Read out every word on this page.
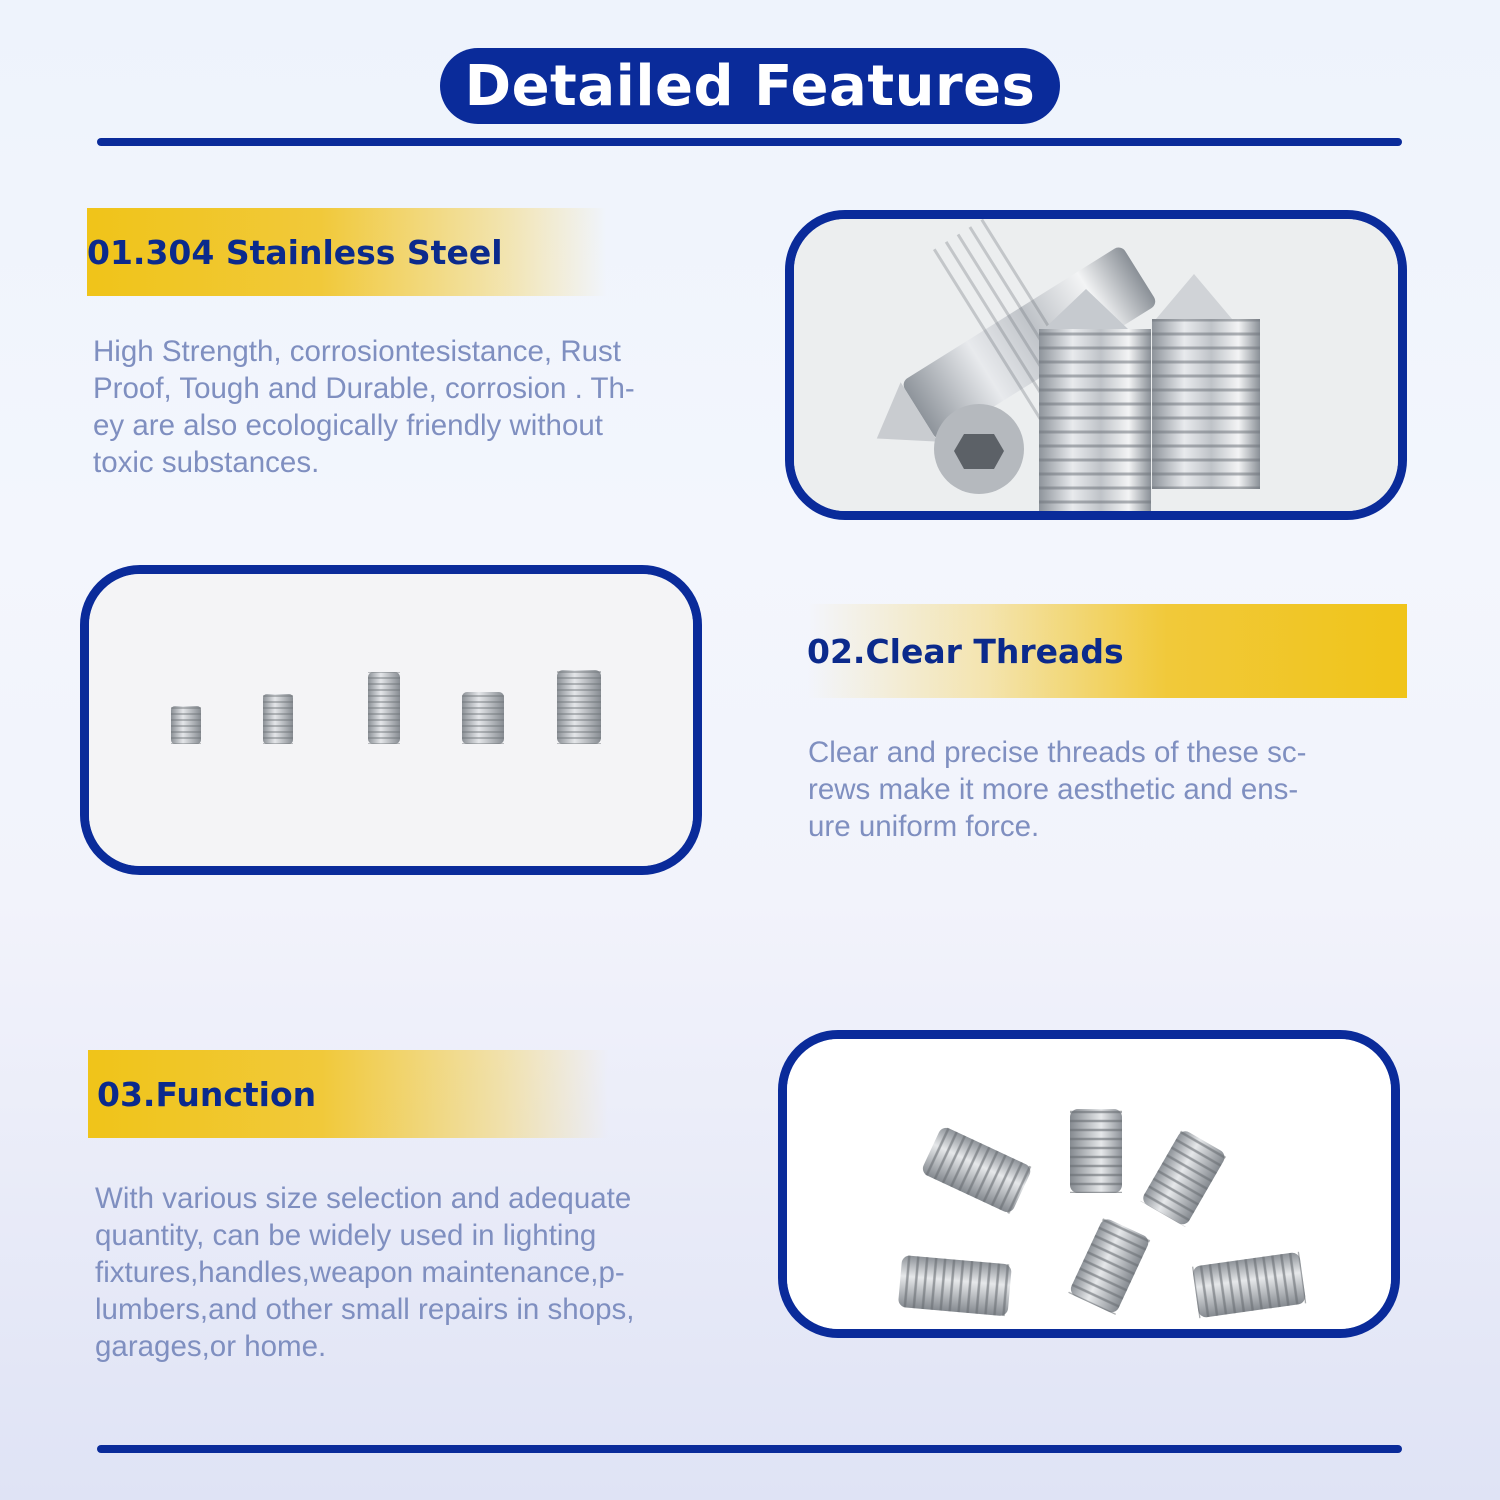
Detailed Features
01.304 Stainless Steel
High Strength, corrosiontesistance, Rust
Proof, Tough and Durable, corrosion . Th-
ey are also ecologically friendly without
toxic substances.
02.Clear Threads
Clear and precise threads of these sc-
rews make it more aesthetic and ens-
ure uniform force.
03.Function
With various size selection and adequate
quantity, can be widely used in lighting
fixtures,handles,weapon maintenance,p-
lumbers,and other small repairs in shops,
garages,or home.
